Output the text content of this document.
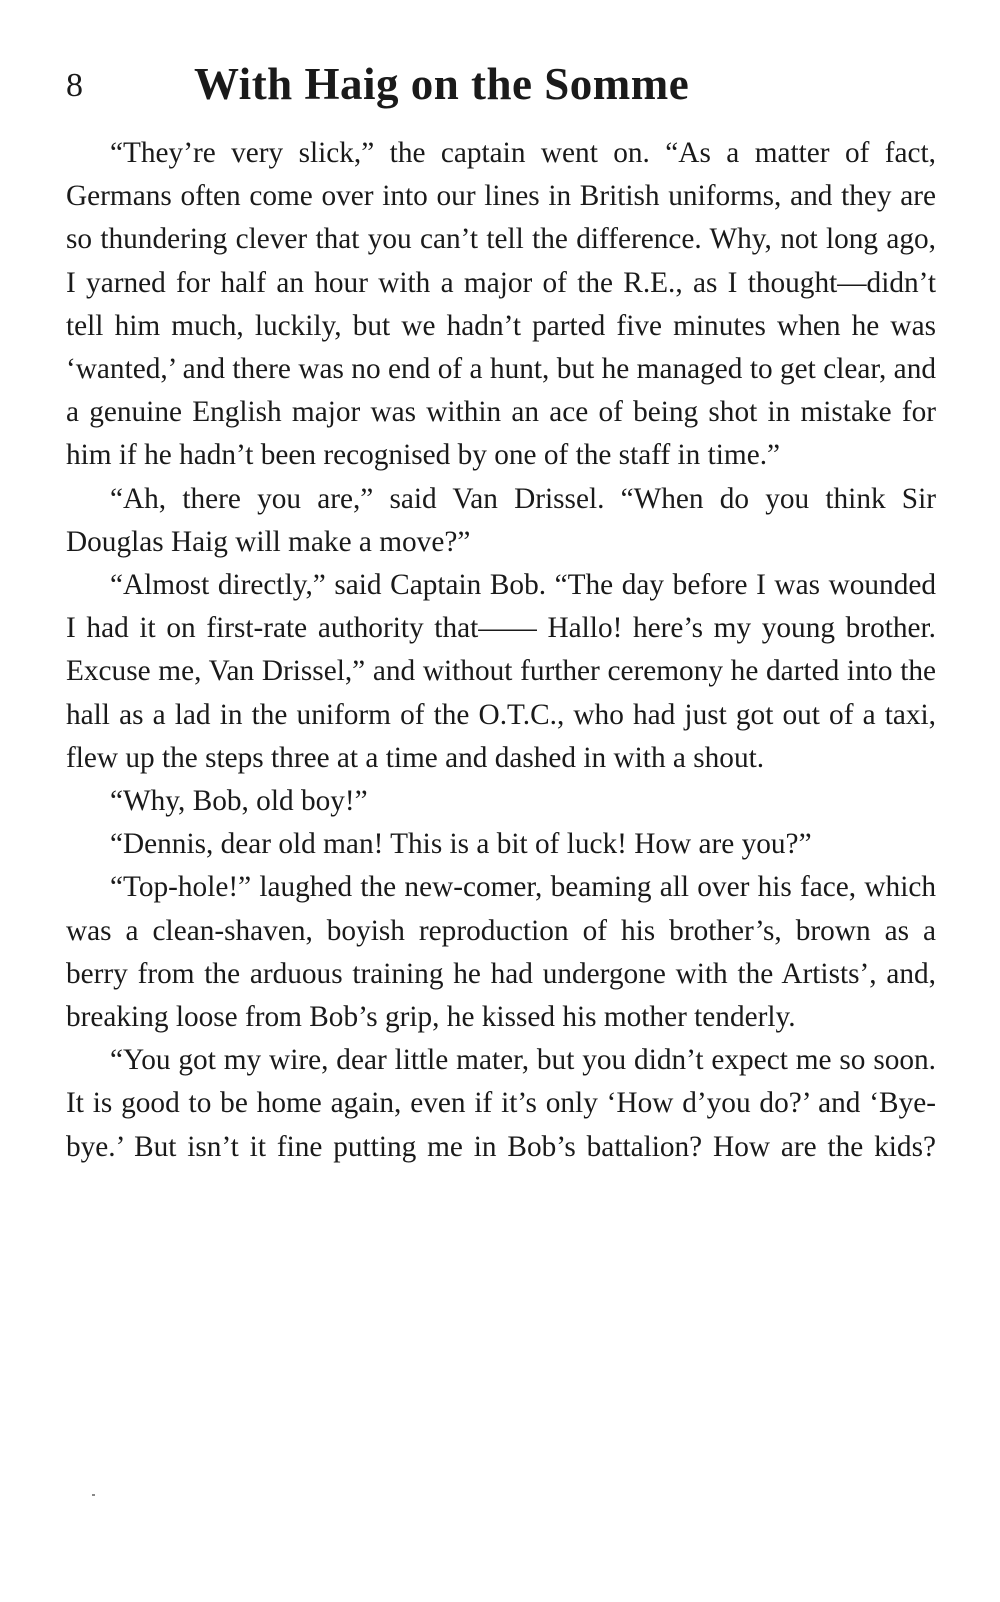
8 With Haig on the Somme

“They’re very slick,” the captain went on. “As a matter of fact, Germans often come over into our lines in British uniforms, and they are so thundering clever that you can’t tell the difference. Why, not long ago, I yarned for half an hour with a major of the R.E., as I thought—didn’t tell him much, luckily, but we hadn’t parted five minutes when he was ‘wanted,’ and there was no end of a hunt, but he managed to get clear, and a genuine English major was within an ace of being shot in mistake for him if he hadn’t been recognised by one of the staff in time.”

“Ah, there you are,” said Van Drissel. “When do you think Sir Douglas Haig will make a move?”

“Almost directly,” said Captain Bob. “The day before I was wounded I had it on first-rate authority that—— Hallo! here’s my young brother. Excuse me, Van Drissel,” and without further ceremony he darted into the hall as a lad in the uniform of the O.T.C., who had just got out of a taxi, flew up the steps three at a time and dashed in with a shout.

“Why, Bob, old boy!”

“Dennis, dear old man! This is a bit of luck! How are you?”

“Top-hole!” laughed the new-comer, beaming all over his face, which was a clean-shaven, boyish reproduction of his brother’s, brown as a berry from the arduous training he had undergone with the Artists’, and, breaking loose from Bob’s grip, he kissed his mother tenderly.

“You got my wire, dear little mater, but you didn’t expect me so soon. It is good to be home again, even if it’s only ‘How d’you do?’ and ‘Bye-bye.’ But isn’t it fine putting me in Bob’s battalion? How are the kids?
